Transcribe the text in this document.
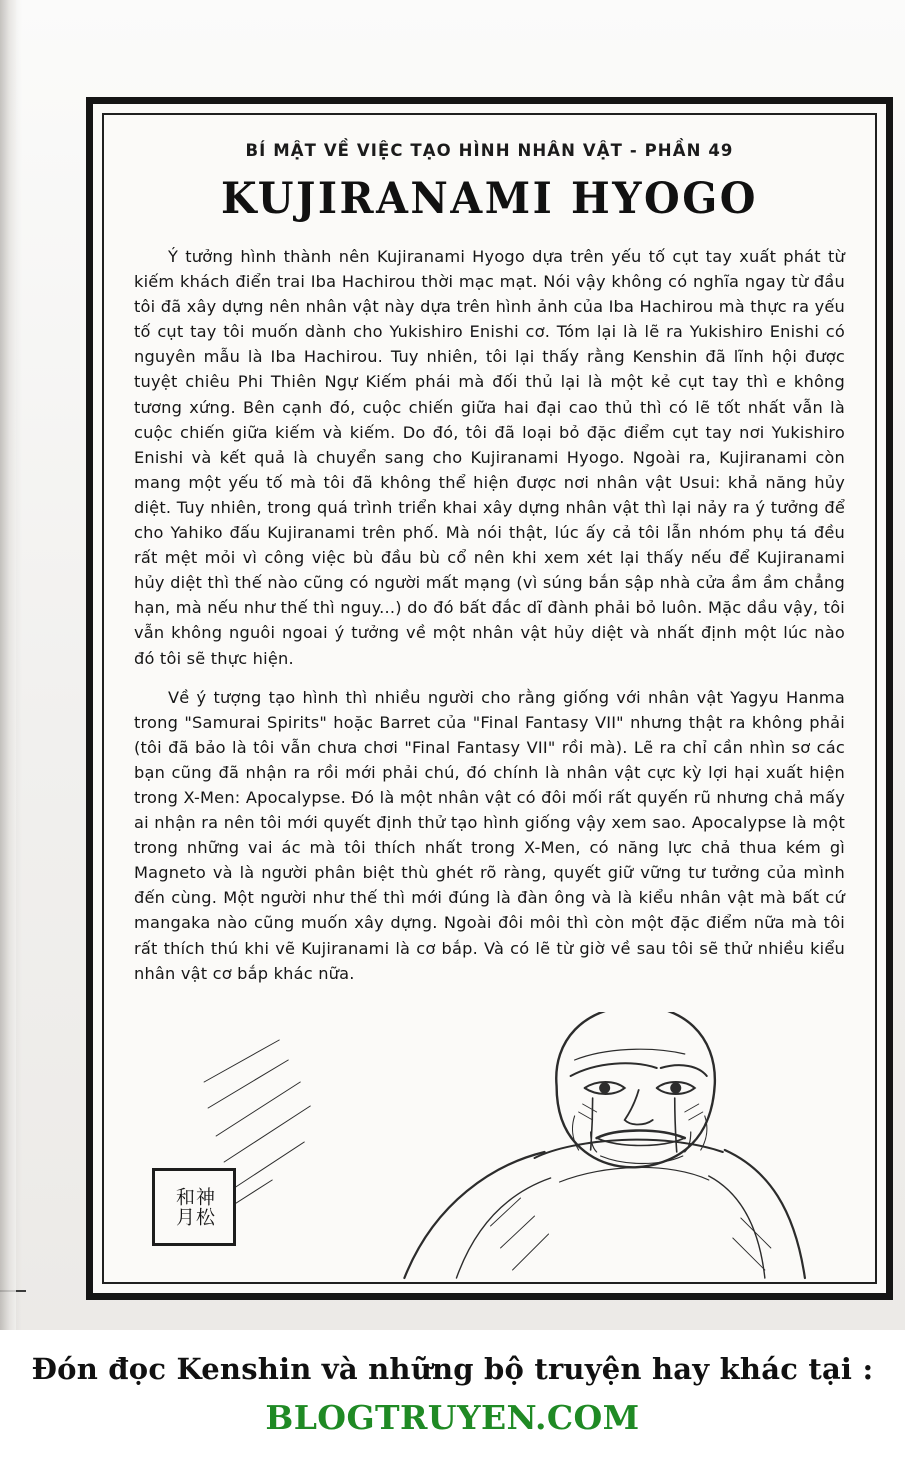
BÍ MẬT VỀ VIỆC TẠO HÌNH NHÂN VẬT - PHẦN 49
KUJIRANAMI HYOGO

Ý tưởng hình thành nên Kujiranami Hyogo dựa trên yếu tố cụt tay xuất phát từ kiếm khách điển trai Iba Hachirou thời mạc mạt. Nói vậy không có nghĩa ngay từ đầu tôi đã xây dựng nên nhân vật này dựa trên hình ảnh của Iba Hachirou mà thực ra yếu tố cụt tay tôi muốn dành cho Yukishiro Enishi cơ. Tóm lại là lẽ ra Yukishiro Enishi có nguyên mẫu là Iba Hachirou. Tuy nhiên, tôi lại thấy rằng Kenshin đã lĩnh hội được tuyệt chiêu Phi Thiên Ngự Kiếm phái mà đối thủ lại là một kẻ cụt tay thì e không tương xứng. Bên cạnh đó, cuộc chiến giữa hai đại cao thủ thì có lẽ tốt nhất vẫn là cuộc chiến giữa kiếm và kiếm. Do đó, tôi đã loại bỏ đặc điểm cụt tay nơi Yukishiro Enishi và kết quả là chuyển sang cho Kujiranami Hyogo. Ngoài ra, Kujiranami còn mang một yếu tố mà tôi đã không thể hiện được nơi nhân vật Usui: khả năng hủy diệt. Tuy nhiên, trong quá trình triển khai xây dựng nhân vật thì lại nảy ra ý tưởng để cho Yahiko đấu Kujiranami trên phố. Mà nói thật, lúc ấy cả tôi lẫn nhóm phụ tá đều rất mệt mỏi vì công việc bù đầu bù cổ nên khi xem xét lại thấy nếu để Kujiranami hủy diệt thì thế nào cũng có người mất mạng (vì súng bắn sập nhà cửa ầm ầm chẳng hạn, mà nếu như thế thì nguy...) do đó bất đắc dĩ đành phải bỏ luôn. Mặc dầu vậy, tôi vẫn không nguôi ngoai ý tưởng về một nhân vật hủy diệt và nhất định một lúc nào đó tôi sẽ thực hiện.

Về ý tượng tạo hình thì nhiều người cho rằng giống với nhân vật Yagyu Hanma trong "Samurai Spirits" hoặc Barret của "Final Fantasy VII" nhưng thật ra không phải (tôi đã bảo là tôi vẫn chưa chơi "Final Fantasy VII" rồi mà). Lẽ ra chỉ cần nhìn sơ các bạn cũng đã nhận ra rồi mới phải chú, đó chính là nhân vật cực kỳ lợi hại xuất hiện trong X-Men: Apocalypse. Đó là một nhân vật có đôi mối rất quyến rũ nhưng chả mấy ai nhận ra nên tôi mới quyết định thử tạo hình giống vậy xem sao. Apocalypse là một trong những vai ác mà tôi thích nhất trong X-Men, có năng lực chả thua kém gì Magneto và là người phân biệt thù ghét rõ ràng, quyết giữ vững tư tưởng của mình đến cùng. Một người như thế thì mới đúng là đàn ông và là kiểu nhân vật mà bất cứ mangaka nào cũng muốn xây dựng. Ngoài đôi môi thì còn một đặc điểm nữa mà tôi rất thích thú khi vẽ Kujiranami là cơ bắp. Và có lẽ từ giờ về sau tôi sẽ thử nhiều kiểu nhân vật cơ bắp khác nữa.

神松 和月
Đón đọc Kenshin và những bộ truyện hay khác tại :
BLOGTRUYEN.COM
